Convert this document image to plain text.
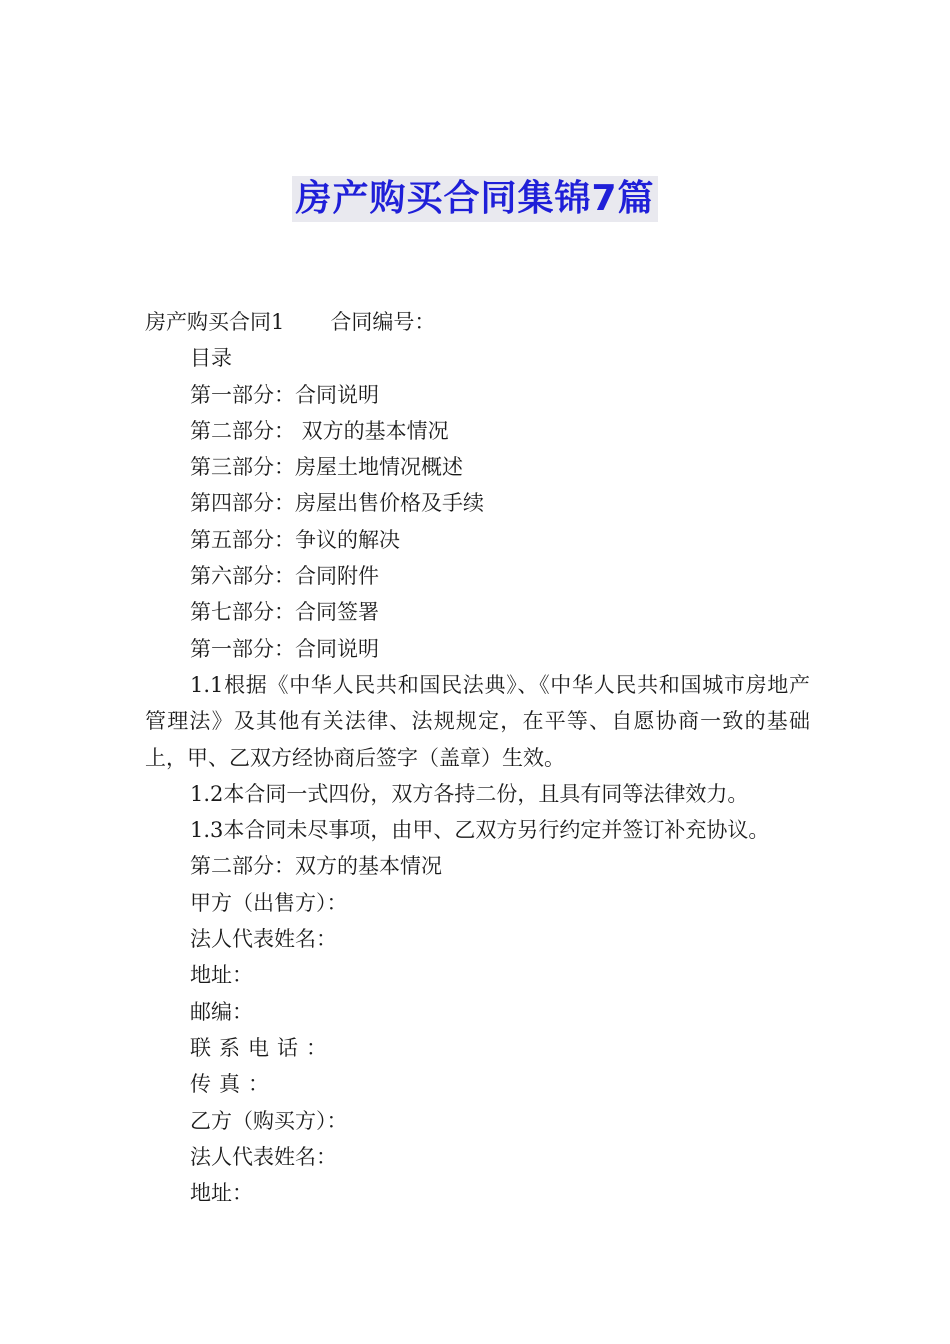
房产购买合同集锦7篇

房产购买合同1 合同编号：

目录

第一部分：合同说明

第二部分： 双方的基本情况

第三部分：房屋土地情况概述

第四部分：房屋出售价格及手续

第五部分：争议的解决

第六部分：合同附件

第七部分：合同签署

第一部分：合同说明

1.1根据《中华人民共和国民法典》、《中华人民共和国城市房地产管理法》及其他有关法律、法规规定，在平等、自愿协商一致的基础上，甲、乙双方经协商后签字（盖章）生效。

1.2本合同一式四份，双方各持二份，且具有同等法律效力。

1.3本合同未尽事项，由甲、乙双方另行约定并签订补充协议。

第二部分：双方的基本情况

甲方（出售方）：

法人代表姓名：

地址：

邮编：

联系电话：

传真：

乙方（购买方）：

法人代表姓名：

地址：
